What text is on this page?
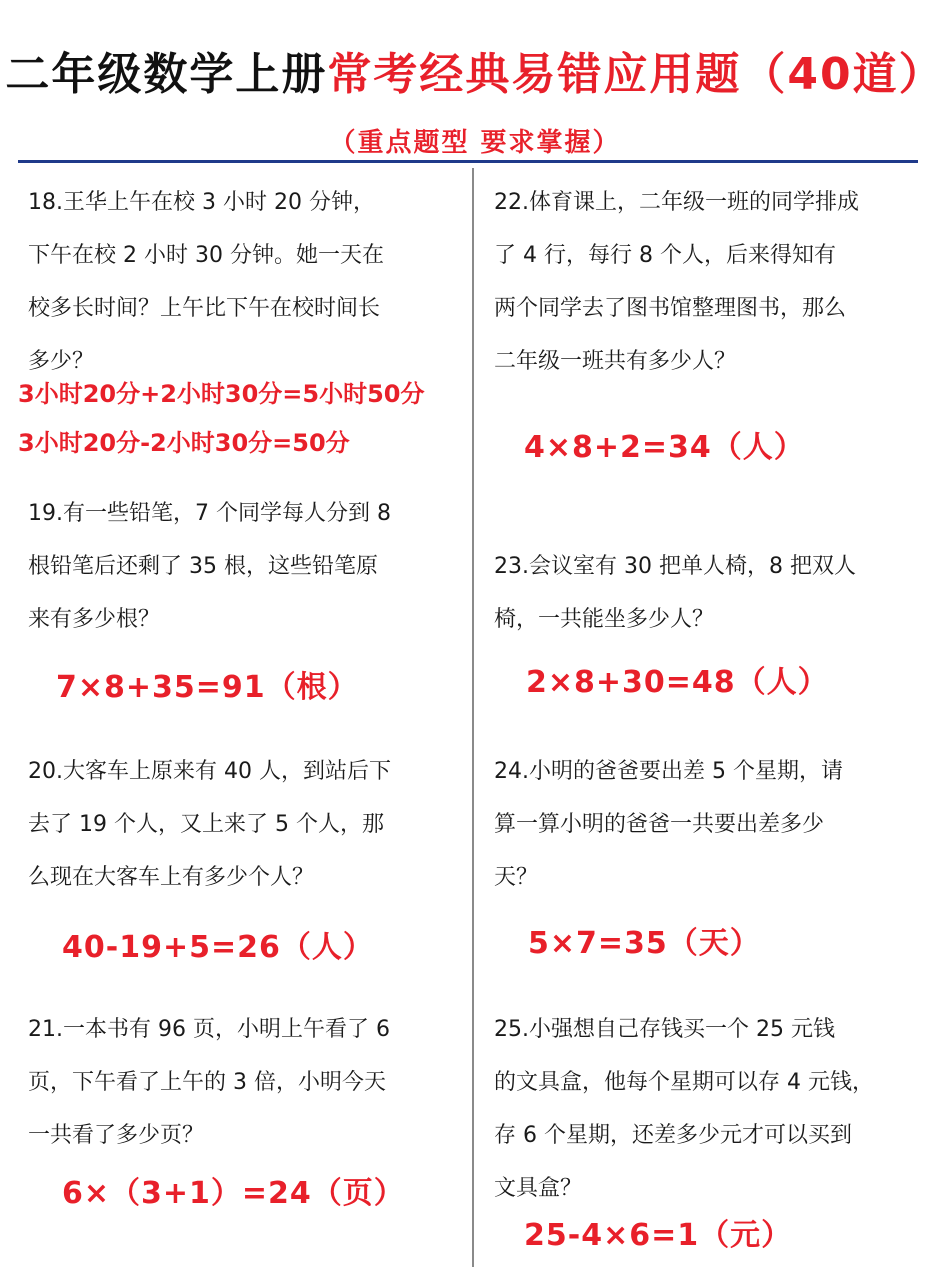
二年级数学上册常考经典易错应用题（40道）
（重点题型 要求掌握）

18.王华上午在校 3 小时 20 分钟，

下午在校 2 小时 30 分钟。她一天在

校多长时间？上午比下午在校时间长

多少？

3小时20分+2小时30分=5小时50分
3小时20分-2小时30分=50分

19.有一些铅笔，7 个同学每人分到 8

根铅笔后还剩了 35 根，这些铅笔原

来有多少根？

7×8+35=91（根）

20.大客车上原来有 40 人，到站后下

去了 19 个人，又上来了 5 个人，那

么现在大客车上有多少个人？

40-19+5=26（人）

21.一本书有 96 页，小明上午看了 6

页，下午看了上午的 3 倍，小明今天

一共看了多少页？

6×（3+1）=24（页）

22.体育课上，二年级一班的同学排成

了 4 行，每行 8 个人，后来得知有

两个同学去了图书馆整理图书，那么

二年级一班共有多少人？

4×8+2=34（人）

23.会议室有 30 把单人椅，8 把双人

椅，一共能坐多少人？

2×8+30=48（人）

24.小明的爸爸要出差 5 个星期，请

算一算小明的爸爸一共要出差多少

天？

5×7=35（天）

25.小强想自己存钱买一个 25 元钱

的文具盒，他每个星期可以存 4 元钱，

存 6 个星期，还差多少元才可以买到

文具盒？

25-4×6=1（元）
